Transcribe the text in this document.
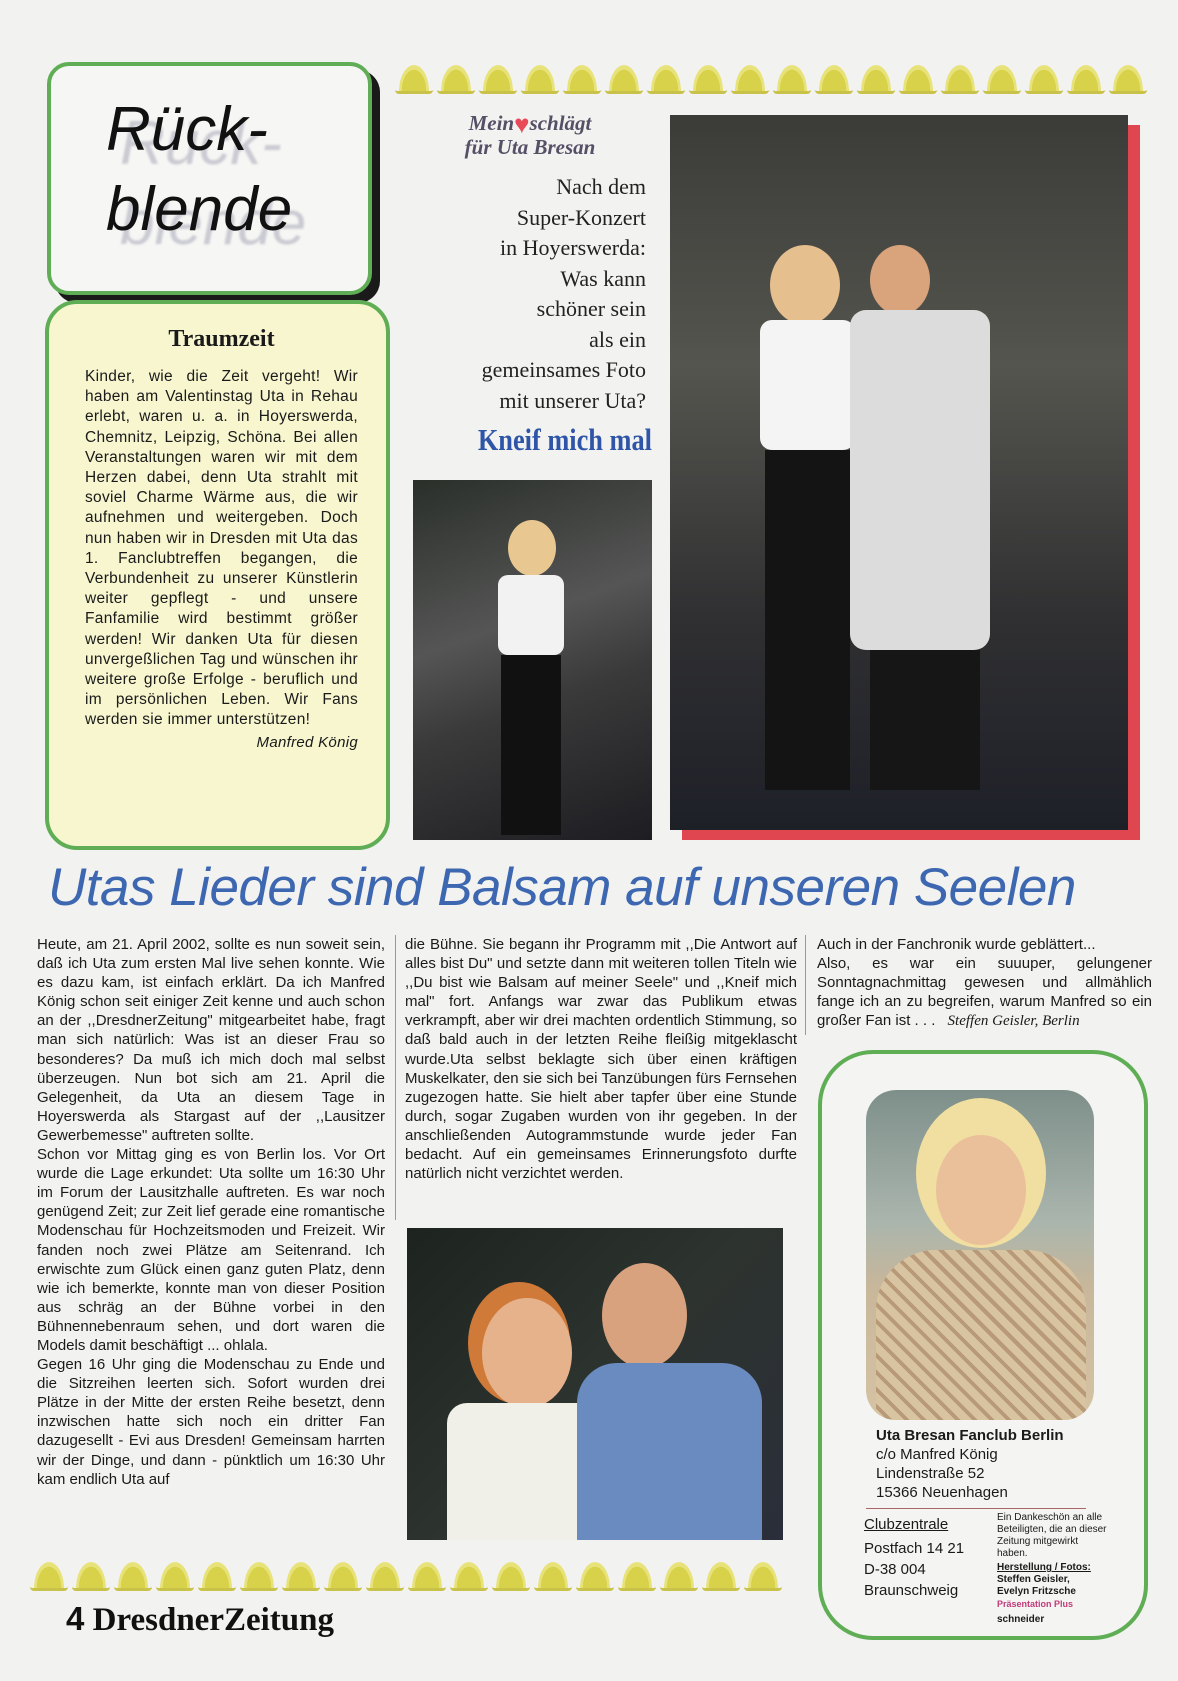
Rück-
blende
Traumzeit

Kinder, wie die Zeit vergeht! Wir haben am Valentinstag Uta in Rehau erlebt, waren u. a. in Hoyerswerda, Chemnitz, Leipzig, Schöna. Bei allen Veranstaltungen waren wir mit dem Herzen dabei, denn Uta strahlt mit soviel Charme Wärme aus, die wir aufnehmen und weitergeben. Doch nun haben wir in Dresden mit Uta das 1. Fanclubtreffen begangen, die Verbundenheit zu unserer Künstlerin weiter gepflegt - und unsere Fanfamilie wird bestimmt größer werden! Wir danken Uta für diesen unvergeßlichen Tag und wünschen ihr weitere große Erfolge - beruflich und im persönlichen Leben. Wir Fans werden sie immer unterstützen!

Manfred König

Mein♥schlägt
für Uta Bresan
Nach dem
Super-Konzert
in Hoyerswerda:
Was kann
schöner sein
als ein
gemeinsames Foto
mit unserer Uta?
Kneif mich mal
Utas Lieder sind Balsam auf unseren Seelen

Heute, am 21. April 2002, sollte es nun soweit sein, daß ich Uta zum ersten Mal live sehen konnte. Wie es dazu kam, ist einfach erklärt. Da ich Manfred König schon seit einiger Zeit kenne und auch schon an der ,,DresdnerZeitung" mitgearbeitet habe, fragt man sich natürlich: Was ist an dieser Frau so besonderes? Da muß ich mich doch mal selbst überzeugen. Nun bot sich am 21. April die Gelegenheit, da Uta an diesem Tage in Hoyerswerda als Stargast auf der ,,Lausitzer Gewerbemesse" auftreten sollte.

Schon vor Mittag ging es von Berlin los. Vor Ort wurde die Lage erkundet: Uta sollte um 16:30 Uhr im Forum der Lausitzhalle auftreten. Es war noch genügend Zeit; zur Zeit lief gerade eine romantische Modenschau für Hochzeitsmoden und Freizeit. Wir fanden noch zwei Plätze am Seitenrand. Ich erwischte zum Glück einen ganz guten Platz, denn wie ich bemerkte, konnte man von dieser Position aus schräg an der Bühne vorbei in den Bühnennebenraum sehen, und dort waren die Models damit beschäftigt ... ohlala.

Gegen 16 Uhr ging die Modenschau zu Ende und die Sitzreihen leerten sich. Sofort wurden drei Plätze in der Mitte der ersten Reihe besetzt, denn inzwischen hatte sich noch ein dritter Fan dazugesellt - Evi aus Dresden! Gemeinsam harrten wir der Dinge, und dann - pünktlich um 16:30 Uhr kam endlich Uta auf

die Bühne. Sie begann ihr Programm mit ,,Die Antwort auf alles bist Du" und setzte dann mit weiteren tollen Titeln wie ,,Du bist wie Balsam auf meiner Seele" und ,,Kneif mich mal" fort. Anfangs war zwar das Publikum etwas verkrampft, aber wir drei machten ordentlich Stimmung, so daß bald auch in der letzten Reihe fleißig mitgeklascht wurde.Uta selbst beklagte sich über einen kräftigen Muskelkater, den sie sich bei Tanzübungen fürs Fernsehen zugezogen hatte. Sie hielt aber tapfer über eine Stunde durch, sogar Zugaben wurden von ihr gegeben. In der anschließenden Autogrammstunde wurde jeder Fan bedacht. Auf ein gemeinsames Erinnerungsfoto durfte natürlich nicht verzichtet werden.
Auch in der Fanchronik wurde geblättert...
Also, es war ein suuuper, gelungener Sonntagnachmittag gewesen und allmählich fange ich an zu begreifen, warum Manfred so ein großer Fan ist . . . Steffen Geisler, Berlin
Uta Bresan Fanclub Berlin
c/o Manfred König
Lindenstraße 52
15366 Neuenhagen
Clubzentrale
Postfach 14 21
D-38 004
Braunschweig
Ein Dankeschön an alle Beteiligten, die an dieser Zeitung mitgewirkt haben.
Herstellung / Fotos:
Steffen Geisler,
Evelyn Fritzsche
Präsentation Plus
schneider
4 DresdnerZeitung
